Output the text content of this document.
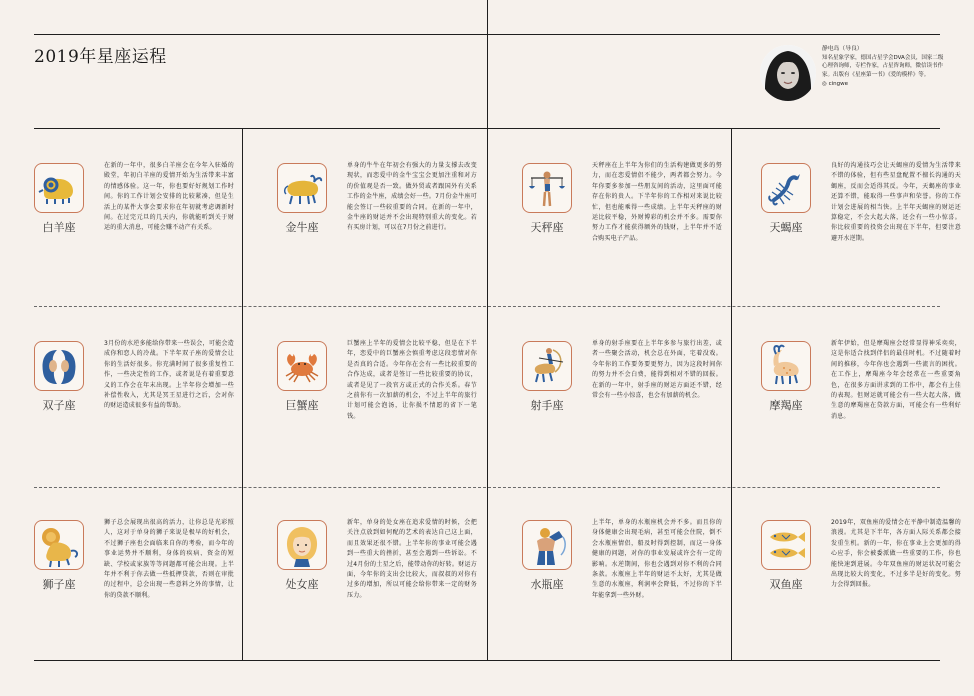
2019年星座运程	静电岛（导良）
知名星象学家，德国占星学会DVA会员，国家二级心理咨询师，专栏作家，占星咨询师，微信读书作家。出版有《星座第一书》《爱的模样》等。
◎ cingwe
白羊座
在新的一年中，很多白羊座会在今年入驻婚的殿堂，年初白羊座的爱情开始为生活带来丰富的情感体验。这一年，你也要好好规划工作时间。你的工作计划会安排的比较紧凑，但是生活上的某件大事会要求你在年初就考虑调新时间。在过完元旦的几天内，你就能听到关于财运的重大消息，可能会赚不动产有关系。	金牛座
单身的牛牛在年初会有强大的力量支撑去改变现状，而恋爱中的金牛宝宝会更加注重和对方的价值观是否一致。做外贸或者跟国外有关系工作的金牛座，成绩会好一些。7月份金牛座可能会签订一些较重要的合同。在新的一年中，金牛座的财运并不会出现特别重大的变化。若有买房计划，可以在7月份之前进行。	天秤座
天秤座在上半年为你们的生活构建做更多的努力，而在恋爱情侣不能少，两者都会努力。今年你要多参加一些朋友间的活动，这里面可能存在你的贵人。下半年你的工作相对来说比较忙，但也能乘得一些成绩。上半年天秤座的财运比较平稳，外财博彩的机会并不多。需要你努力工作才能获得额外的钱财，上半年并不适合购买电子产品。
天蝎座
良好的沟通技巧会让天蝎座的爱情为生活带来不错的体验，但有些星盘配置不擅长沟通的天蝎座，反而会适得其反。今年，天蝎座的事业还算不错，能取得一些事声和荣誉。你的工作计划会进展的相当快。上半年天蝎座的财运还算稳定，不会大起大落，还会有一些小惊喜。你比较重要的投资会出现在下半年，但要注意避开水逆期。
双子座
3月份的水逆多能给你带来一些误会，可能会造成你和恋人的冷战。下半年双子座的爱情会让你的生活好很多。你充满时间了很多重复性工作，一些决定性的工作，或者说是有着重要意义的工作会在年末出现。上半年你会增加一些补偿性收入，尤其是冥王星进行之后，会对你的财运造成很多有益的帮助。	巨蟹座
巨蟹座上半年的爱情会比较平稳，但是在下半年，恋爱中的巨蟹座会慎重考虑这段恋情对你是否真的合适。今年你在会有一些比较重要的合作达成，或者是签订一些比较重要的协议，或者是见了一段官方或正式的合作关系。春节之前你有一次加薪的机会，不过上半年的旅行计划可能会泡汤，让你损不情愿的省下一笔钱。
射手座
单身的射手座要在上半年多参与旅行出差，或者一些聚会活动，机会总在外面，宅着没戏。今年你的工作要务要更努力，因为这段时间你的努力并不会白费，能得到相对不错的回报。在新的一年中，射手座的财运方面还不错，经常会有一些小惊喜，也会有加薪的机会。
摩羯座
新年伊始，但是摩羯座会经常显得神采奕奕，这是你适合找到伴侣的最佳时机。不过随着时间的推移，今年你也会遇到一些流言的困扰。在工作上，摩羯座今年会经常在一些重要角色，在很多方面讲求到的工作中，都会有上佳的表现。但财运就可能会有一些大起大落，做生意的摩羯座在贷款方面，可能会有一些利好消息。
狮子座
狮子总会展现出很高的活力，让你总是光彩照人，这对于单身的狮子来说是极早的好机会，不过狮子座也会面临来自你的考验，而今年的事业运势并不顺利，身体的疾病、资金的短缺、学校或家族等等问题都可能会出现。上半年并不利于你去做一些抵押贷款，否则在审批的过程中，总会出现一些意料之外的事情，让你的贷款不顺利。
处女座
新年，单身的处女座在追求爱情的时候，会把关注点放到如何配的艺术的表达自己这上面，而且效果还很不错。上半年你的事业可能会遇到一些重大的挫折，甚至会遇到一些诉讼。不过4月份的土星之后，能带动你的好转。财运方面，今年你的支出会比较大，而叔叔的对你有过多的增加，所以可能会给你带来一定的财务压力。
水瓶座
上半年，单身的水瓶座机会并不多。而且你的身体健康会出现毛病，甚至可能会住院，倒不会水瓶座情侣，船及时得到控制，而这一身体健康的问题，对你的事业发展或许会有一定的影响。水逆期间，你也会遇到对你不利的合同条款。水瓶座上半年的财运不太好，尤其是做生意的水瓶座，利润率会降低，不过你的下半年能拿到一些外财。
双鱼座
2019年，双鱼座的爱情会在平静中制造温馨的浪漫。尤其是下半年，各方面人际关系都会接发重生机。新的一年，你在事业上会更加的得心应手，你会被委派做一些重要的工作，你也能快速到进展。今年双鱼座的财运状况可能会出现比较大的变化，不过多半是好的变化。努力会得到回报。
